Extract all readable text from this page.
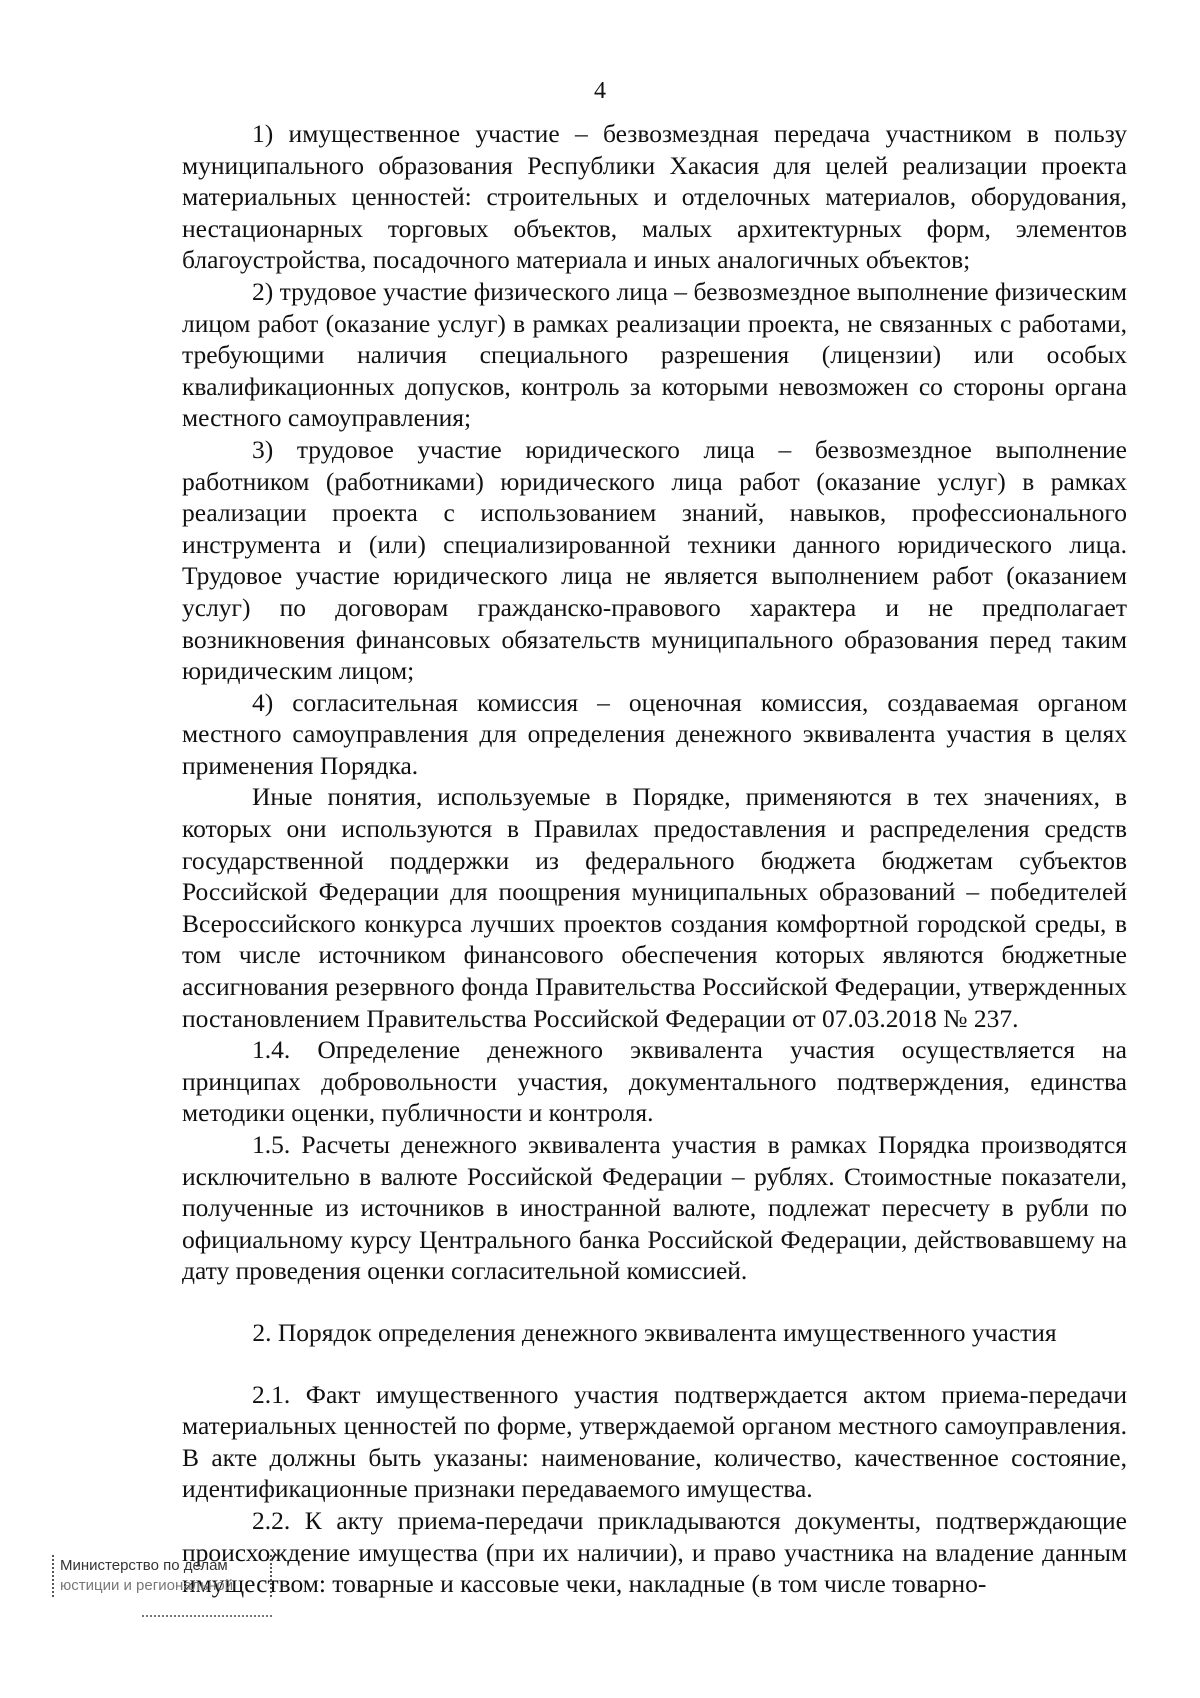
4

1) имущественное участие – безвозмездная передача участником в пользу муниципального образования Республики Хакасия для целей реализации проекта материальных ценностей: строительных и отделочных материалов, оборудования, нестационарных торговых объектов, малых архитектурных форм, элементов благоустройства, посадочного материала и иных аналогичных объектов;

2) трудовое участие физического лица – безвозмездное выполнение физическим лицом работ (оказание услуг) в рамках реализации проекта, не связанных с работами, требующими наличия специального разрешения (лицензии) или особых квалификационных допусков, контроль за которыми невозможен со стороны органа местного самоуправления;

3) трудовое участие юридического лица – безвозмездное выполнение работником (работниками) юридического лица работ (оказание услуг) в рамках реализации проекта с использованием знаний, навыков, профессионального инструмента и (или) специализированной техники данного юридического лица. Трудовое участие юридического лица не является выполнением работ (оказанием услуг) по договорам гражданско-правового характера и не предполагает возникновения финансовых обязательств муниципального образования перед таким юридическим лицом;

4) согласительная комиссия – оценочная комиссия, создаваемая органом местного самоуправления для определения денежного эквивалента участия в целях применения Порядка.

Иные понятия, используемые в Порядке, применяются в тех значениях, в которых они используются в Правилах предоставления и распределения средств государственной поддержки из федерального бюджета бюджетам субъектов Российской Федерации для поощрения муниципальных образований – победителей Всероссийского конкурса лучших проектов создания комфортной городской среды, в том числе источником финансового обеспечения которых являются бюджетные ассигнования резервного фонда Правительства Российской Федерации, утвержденных постановлением Правительства Российской Федерации от 07.03.2018 № 237.

1.4. Определение денежного эквивалента участия осуществляется на принципах добровольности участия, документального подтверждения, единства методики оценки, публичности и контроля.

1.5. Расчеты денежного эквивалента участия в рамках Порядка производятся исключительно в валюте Российской Федерации – рублях. Стоимостные показатели, полученные из источников в иностранной валюте, подлежат пересчету в рубли по официальному курсу Центрального банка Российской Федерации, действовавшему на дату проведения оценки согласительной комиссией.

2. Порядок определения денежного эквивалента имущественного участия

2.1. Факт имущественного участия подтверждается актом приема-передачи материальных ценностей по форме, утверждаемой органом местного самоуправления. В акте должны быть указаны: наименование, количество, качественное состояние, идентификационные признаки передаваемого имущества.

2.2. К акту приема-передачи прикладываются документы, подтверждающие происхождение имущества (при их наличии), и право участника на владение данным имуществом: товарные и кассовые чеки, накладные (в том числе товарно-

Министерство по делам
юстиции и региональной
